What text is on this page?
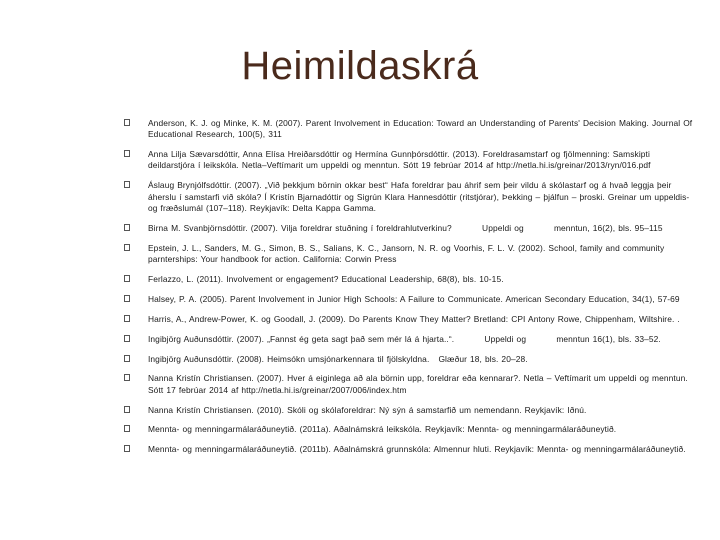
Heimildaskrá
Anderson, K. J. og Minke, K. M. (2007). Parent Involvement in Education: Toward an Understanding of Parents' Decision Making. Journal Of Educational Research, 100(5), 311
Anna Lilja Sævarsdóttir, Anna Elísa Hreiðarsdóttir og Hermína Gunnþórsdóttir. (2013). Foreldrasamstarf og fjölmenning: Samskipti deildarstjóra í leikskóla. Netla–Veftímarit um uppeldi og menntun. Sótt 19 febrúar 2014 af http://netla.hi.is/greinar/2013/ryn/016.pdf
Áslaug Brynjólfsdóttir. (2007). „Við þekkjum börnin okkar best“ Hafa foreldrar þau áhrif sem þeir vildu á skólastarf og á hvað leggja þeir áherslu í samstarfi við skóla? Í Kristín Bjarnadóttir og Sigrún Klara Hannesdóttir (ritstjórar), Þekking – þjálfun – þroski. Greinar um uppeldis- og fræðslumál (107–118). Reykjavík: Delta Kappa Gamma.
Birna M. Svanbjörnsdóttir. (2007). Vilja foreldrar stuðning í foreldrahlutverkinu?          Uppeldi og          menntun, 16(2), bls. 95–115
Epstein, J. L., Sanders, M. G., Simon, B. S., Salians, K. C., Jansorn, N. R. og Voorhis, F. L. V. (2002). School, family and community parnterships: Your handbook for action. California: Corwin Press
Ferlazzo, L. (2011). Involvement or engagement? Educational Leadership, 68(8), bls. 10-15.
Halsey, P. A. (2005). Parent Involvement in Junior High Schools: A Failure to Communicate. American Secondary Education, 34(1), 57-69
Harris, A., Andrew-Power, K. og Goodall, J. (2009). Do Parents Know They Matter? Bretland: CPI Antony Rowe, Chippenham, Wiltshire. .
Ingibjörg Auðunsdóttir. (2007). „Fannst ég geta sagt það sem mér lá á hjarta..“.          Uppeldi og          menntun 16(1), bls. 33–52.
Ingibjörg Auðunsdóttir. (2008). Heimsókn umsjónarkennara til fjölskyldna.   Glæður 18, bls. 20–28.
Nanna Kristín Christiansen. (2007). Hver á eiginlega að ala börnin upp, foreldrar eða kennarar?. Netla – Veftímarit um uppeldi og menntun. Sótt 17 febrúar 2014 af http://netla.hi.is/greinar/2007/006/index.htm
Nanna Kristín Christiansen. (2010). Skóli og skólaforeldrar: Ný sýn á samstarfið um nemendann. Reykjavík: Iðnú.
Mennta- og menningarmálaráðuneytið. (2011a). Aðalnámskrá leikskóla. Reykjavík: Mennta- og menningarmálaráðuneytið.
Mennta- og menningarmálaráðuneytið. (2011b). Aðalnámskrá grunnskóla: Almennur hluti. Reykjavík: Mennta- og menningarmálaráðuneytið.
